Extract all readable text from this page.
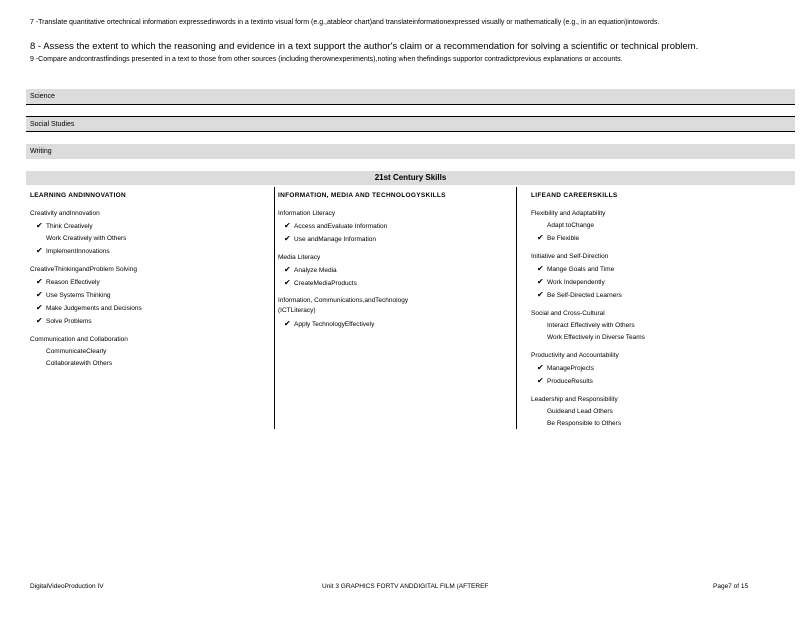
7 -Translate quantitative ortechnical information expressedinwords in a textinto visual form (e.g.,atableor chart)and translateinformationexpressed visually or mathematically (e.g., in an equation)intowords.
8 - Assess the extent to which the reasoning and evidence in a text support the author's claim or a recommendation for solving a scientific or technical problem.
9 -Compare andcontrastfindings presented in a text to those from other sources (including therownexperiments),noting when thefindings supportor contradictprevious explanations or accounts.
Science
Social Studies
Writing
21st Century Skills
LEARNING ANDINNOVATION
Creativity andInnovation
✔ Think Creatively
Work Creatively with Others
✔ ImplementInnovations
CreativeThinkingandProblem Solving
✔ Reason Effectively
✔ Use Systems Thinking
✔ Make Judgements and Decisions
✔ Solve Problems
Communication and Collaboration
CommunicateClearly
Collaboratewith Others
INFORMATION, MEDIA AND TECHNOLOGYSKILLS
Information Literacy
✔ Access andEvaluate Information
✔ Use andManage Information
Media Literacy
✔ Analyze Media
✔ CreateMediaProducts
Information, Communications,andTechnology (ICTLiteracy)
✔ Apply TechnologyEffectively
LIFEAND CAREERSKILLS
Flexibility and Adaptability
Adapt toChange
✔ Be Flexible
Initiative and Self-Direction
✔ Mange Goals and Time
✔ Work Independently
✔ Be Self-Directed Learners
Social and Cross-Cultural
Interact Effectively with Others
Work Effectively in Diverse Teams
Productivity and Accountability
✔ ManageProjects
✔ ProduceResults
Leadership and Responsibility
Guideand Lead Others
Be Responsible to Others
DigitalVideoProduction IV	Unit 3 GRAPHICS FORTV ANDDIGITAL FILM (AFTEREF	Page7 of 15
